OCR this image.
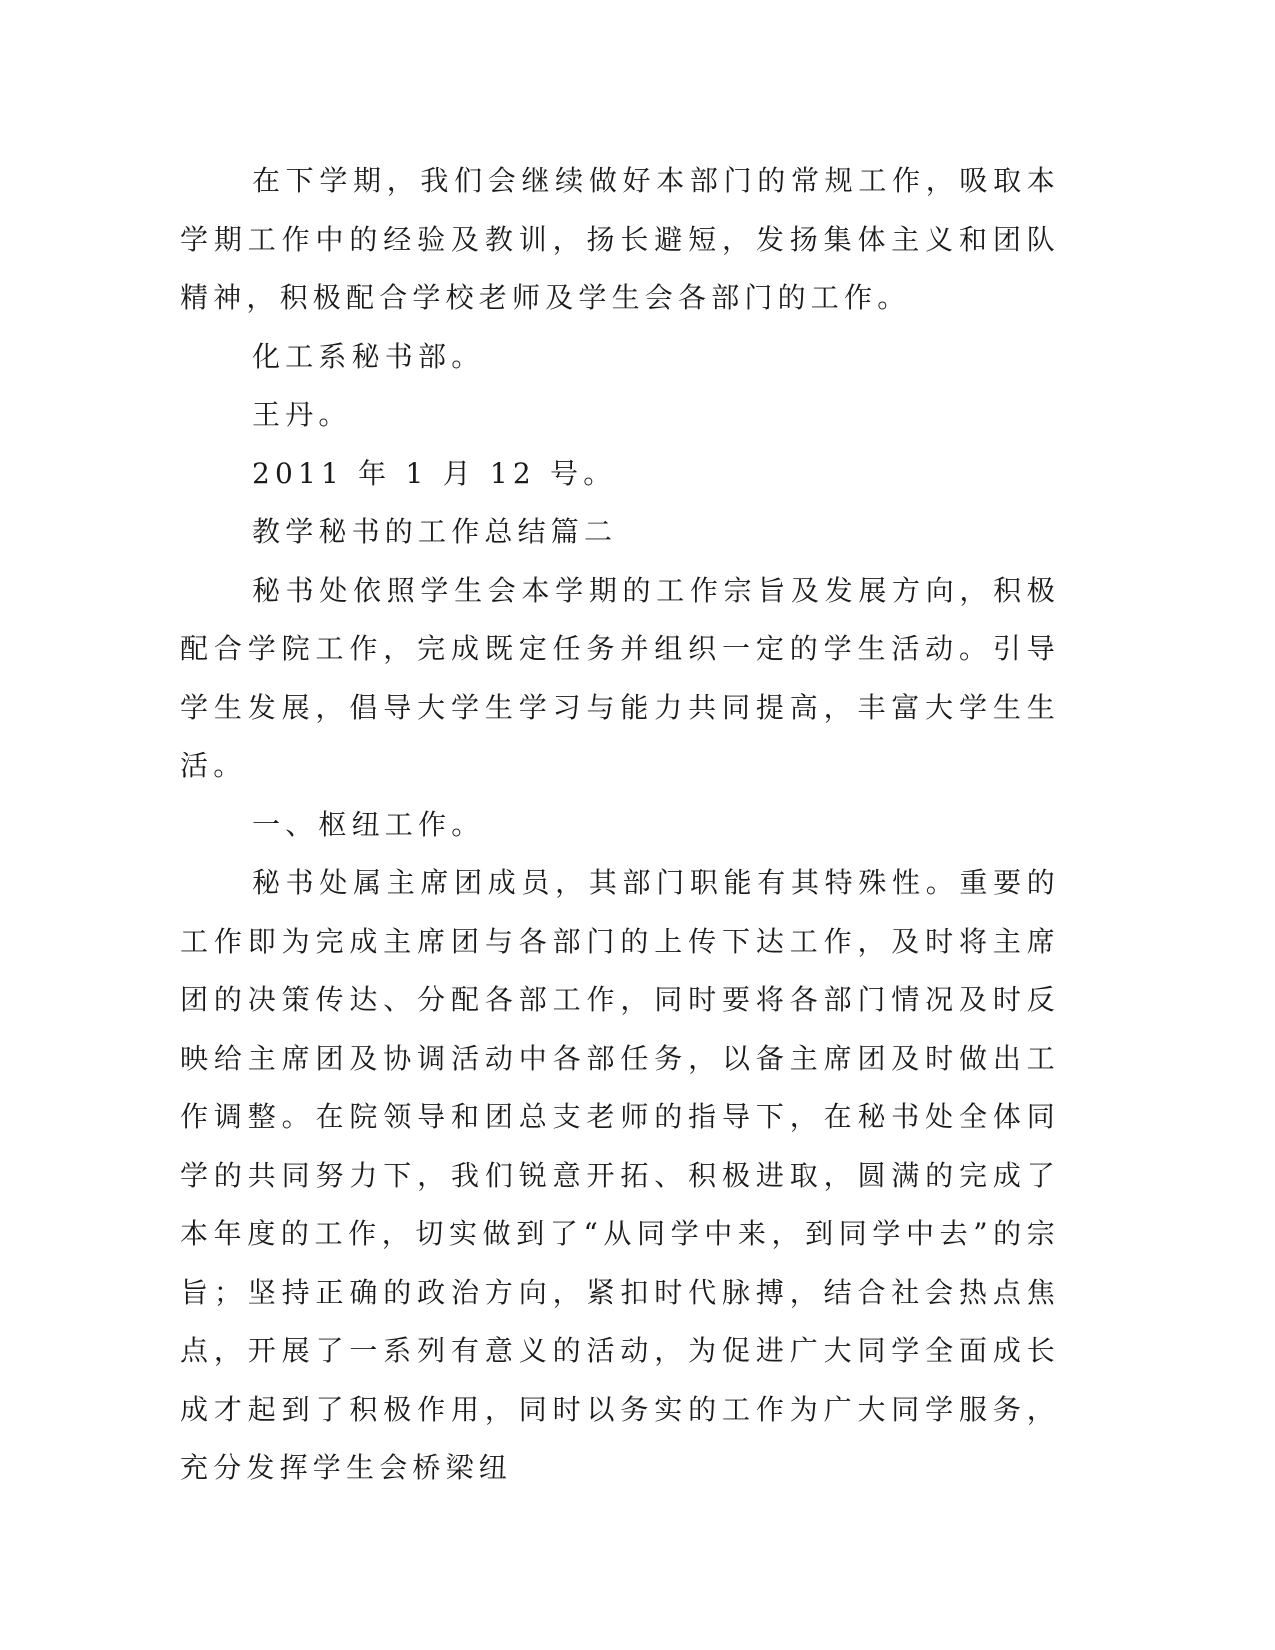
在下学期，我们会继续做好本部门的常规工作，吸取本学期工作中的经验及教训，扬长避短，发扬集体主义和团队精神，积极配合学校老师及学生会各部门的工作。

化工系秘书部。

王丹。

2011 年 1 月 12 号。

教学秘书的工作总结篇二

秘书处依照学生会本学期的工作宗旨及发展方向，积极配合学院工作，完成既定任务并组织一定的学生活动。引导学生发展，倡导大学生学习与能力共同提高，丰富大学生生活。

一、枢纽工作。

秘书处属主席团成员，其部门职能有其特殊性。重要的工作即为完成主席团与各部门的上传下达工作，及时将主席团的决策传达、分配各部工作，同时要将各部门情况及时反映给主席团及协调活动中各部任务，以备主席团及时做出工作调整。在院领导和团总支老师的指导下，在秘书处全体同学的共同努力下，我们锐意开拓、积极进取，圆满的完成了本年度的工作，切实做到了“从同学中来，到同学中去”的宗旨；坚持正确的政治方向，紧扣时代脉搏，结合社会热点焦点，开展了一系列有意义的活动，为促进广大同学全面成长成才起到了积极作用，同时以务实的工作为广大同学服务，充分发挥学生会桥梁纽
